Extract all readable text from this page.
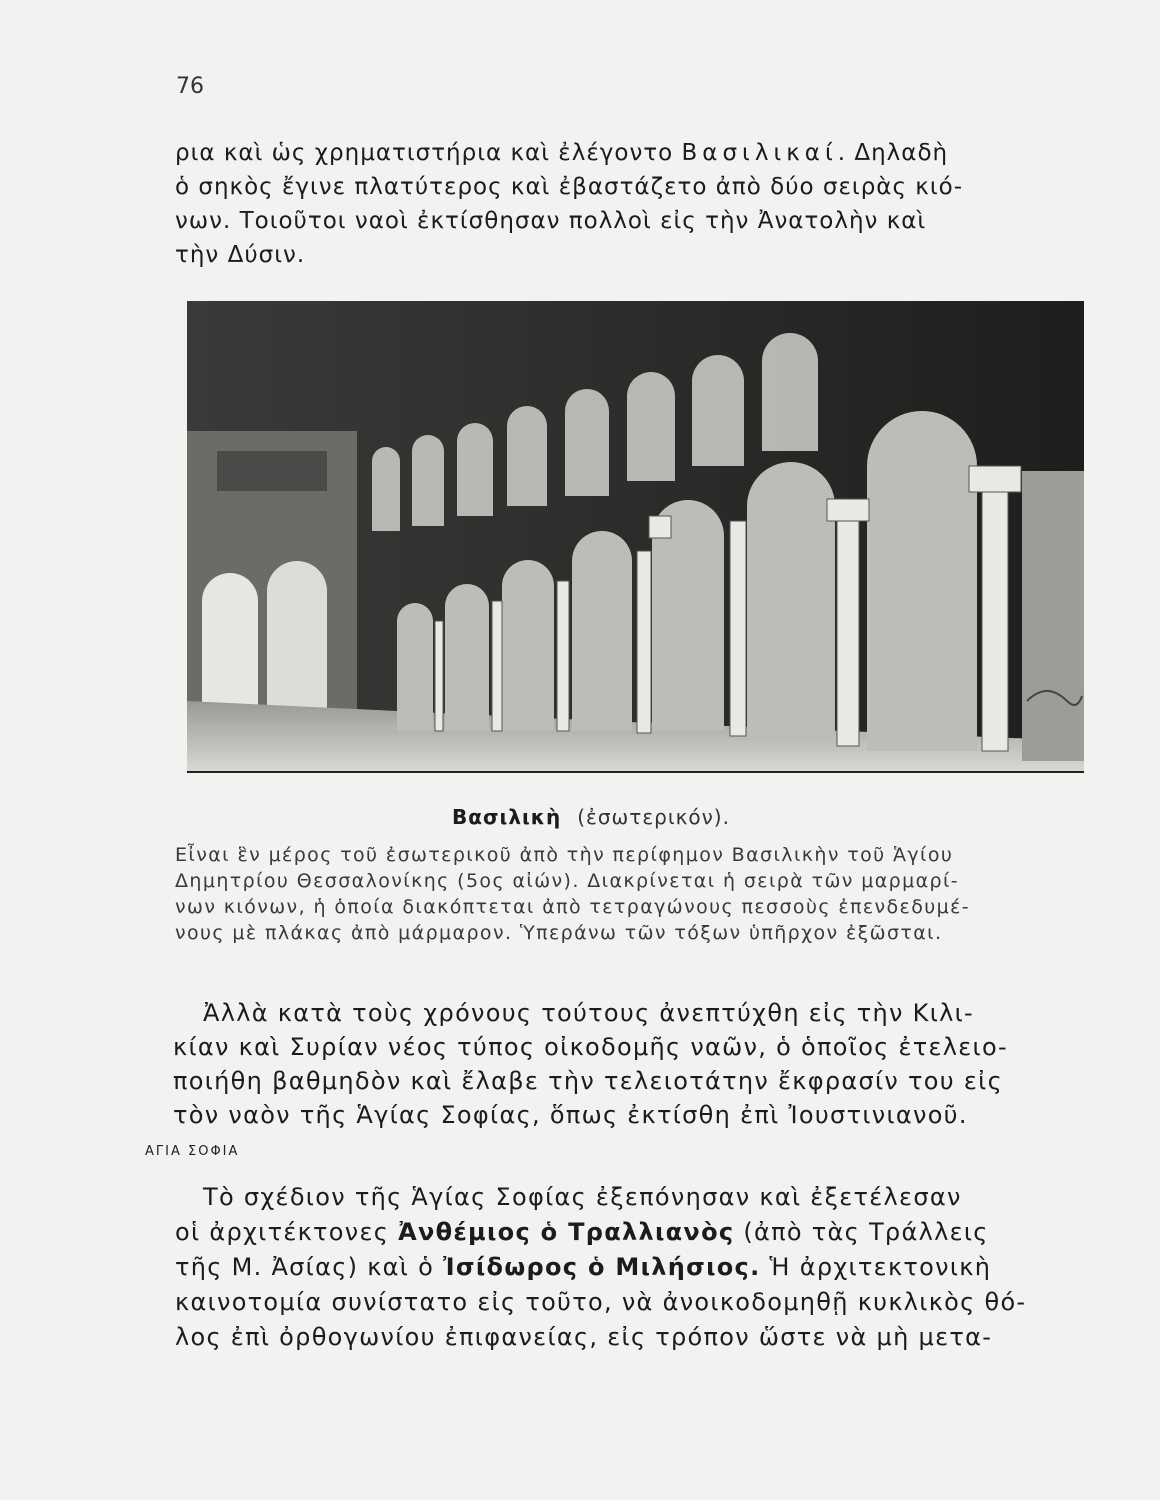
76
ρια καὶ ὡς χρηματιστήρια καὶ ἐλέγοντο Βασιλικαί. Δηλαδὴ
ὁ σηκὸς ἔγινε πλατύτερος καὶ ἐβαστάζετο ἀπὸ δύο σειρὰς κιό-
νων. Τοιοῦτοι ναοὶ ἐκτίσθησαν πολλοὶ εἰς τὴν Ἀνατολὴν καὶ
τὴν Δύσιν.
Βασιλικὴ (ἐσωτερικόν).
Εἶναι ἓν μέρος τοῦ ἐσωτερικοῦ ἀπὸ τὴν περίφημον Βασιλικὴν τοῦ Ἁγίου
Δημητρίου Θεσσαλονίκης (5ος αἰών). Διακρίνεται ἡ σειρὰ τῶν μαρμαρί-
νων κιόνων, ἡ ὁποία διακόπτεται ἀπὸ τετραγώνους πεσσοὺς ἐπενδεδυμέ-
νους μὲ πλάκας ἀπὸ μάρμαρον. Ὑπεράνω τῶν τόξων ὑπῆρχον ἐξῶσται.
Ἀλλὰ κατὰ τοὺς χρόνους τούτους ἀνεπτύχθη εἰς τὴν Κιλι-
κίαν καὶ Συρίαν νέος τύπος οἰκοδομῆς ναῶν, ὁ ὁποῖος ἐτελειο-
ποιήθη βαθμηδὸν καὶ ἔλαβε τὴν τελειοτάτην ἔκφρασίν του εἰς
τὸν ναὸν τῆς Ἁγίας Σοφίας, ὅπως ἐκτίσθη ἐπὶ Ἰουστινιανοῦ.
ΑΓΙΑ ΣΟΦΙΑ
Τὸ σχέδιον τῆς Ἁγίας Σοφίας ἐξεπόνησαν καὶ ἐξετέλεσαν
οἱ ἀρχιτέκτονες Ἀνθέμιος ὁ Τραλλιανὸς (ἀπὸ τὰς Τράλλεις
τῆς Μ. Ἀσίας) καὶ ὁ Ἰσίδωρος ὁ Μιλήσιος. Ἡ ἀρχιτεκτονικὴ
καινοτομία συνίστατο εἰς τοῦτο, νὰ ἀνοικοδομηθῇ κυκλικὸς θό-
λος ἐπὶ ὀρθογωνίου ἐπιφανείας, εἰς τρόπον ὥστε νὰ μὴ μετα-
